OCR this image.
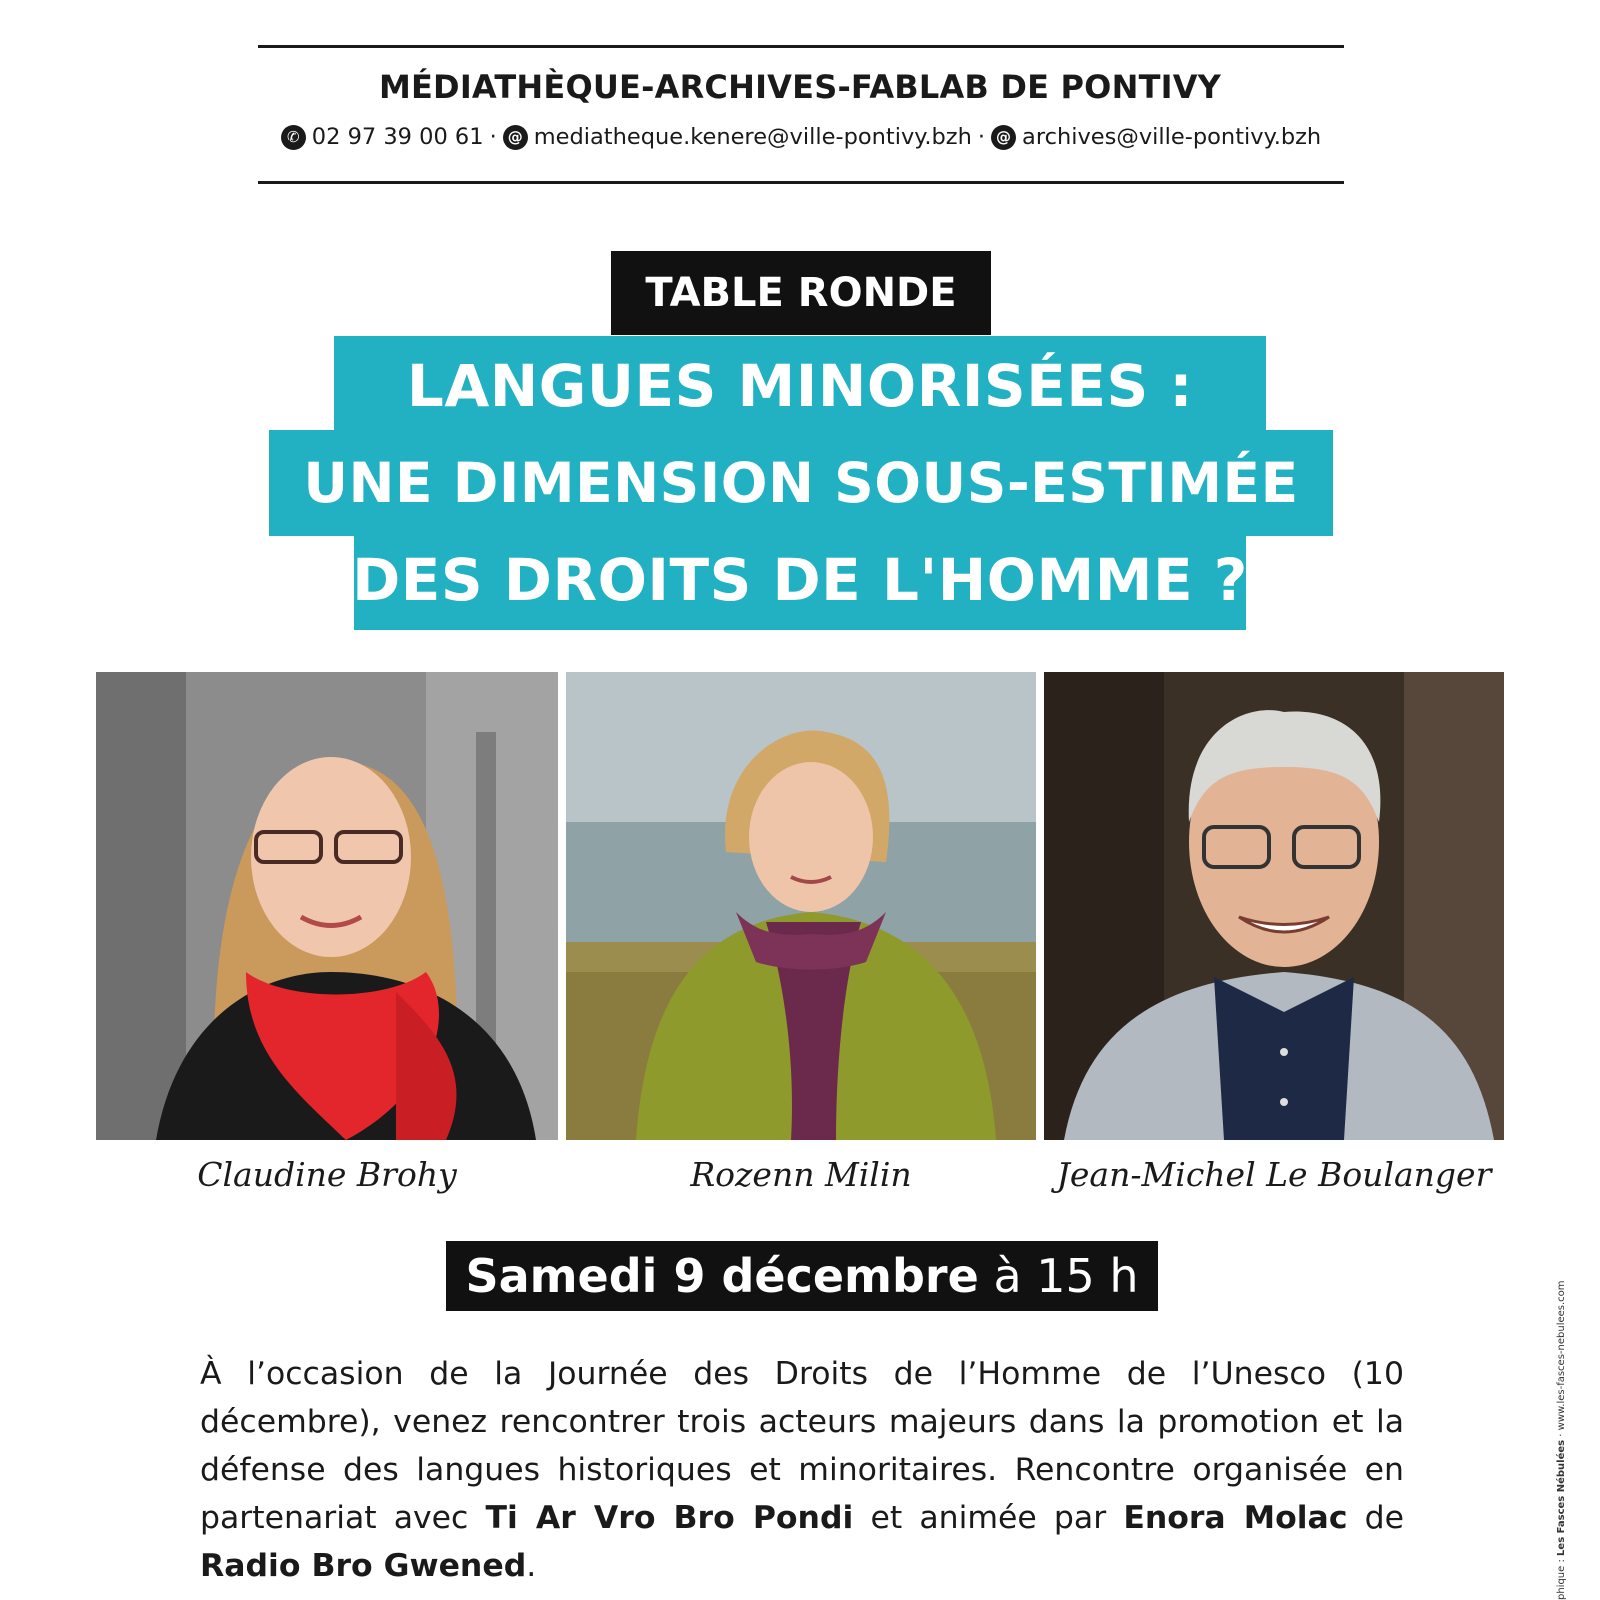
MÉDIATHÈQUE-ARCHIVES-FABLAB DE PONTIVY
✆ 02 97 39 00 61 · @ mediatheque.kenere@ville-pontivy.bzh · @ archives@ville-pontivy.bzh
TABLE RONDE
LANGUES MINORISÉES :
UNE DIMENSION SOUS-ESTIMÉE
DES DROITS DE L'HOMME ?
Claudine Brohy	Rozenn Milin	Jean-Michel Le Boulanger
Samedi 9 décembre
à 15 h
À l’occasion de la Journée des Droits de l’Homme de l’Unesco (10 décembre), venez rencontrer trois acteurs majeurs dans la promotion et la défense des langues historiques et minoritaires. Rencontre organisée en partenariat avec Ti Ar Vro Bro Pondi et animée par Enora Molac de Radio Bro Gwened.	phique : Les Fasces Nébulées · www.les-fasces-nebulees.com
